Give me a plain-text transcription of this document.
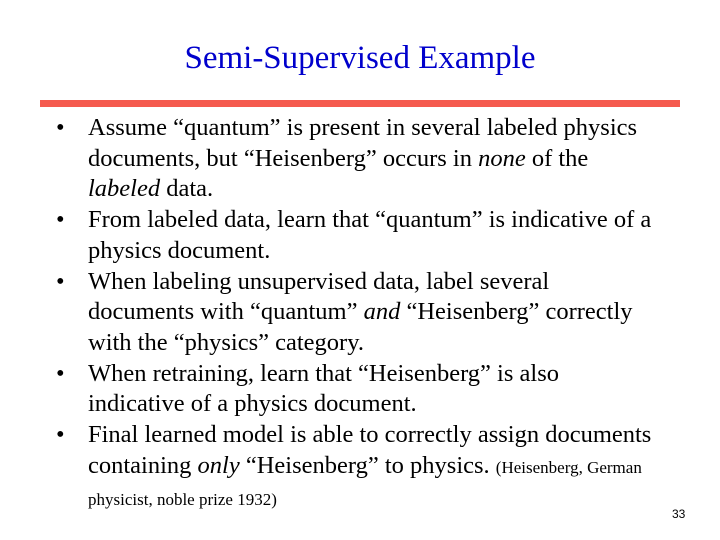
Semi-Supervised Example
• Assume “quantum” is present in several labeled physics documents, but “Heisenberg” occurs in none of the labeled data.
• From labeled data, learn that “quantum” is indicative of a physics document.
• When labeling unsupervised data, label several documents with “quantum” and “Heisenberg” correctly with the “physics” category.
• When retraining, learn that “Heisenberg” is also indicative of a physics document.
• Final learned model is able to correctly assign documents containing only “Heisenberg” to physics. (Heisenberg, German physicist, noble prize 1932)
33
